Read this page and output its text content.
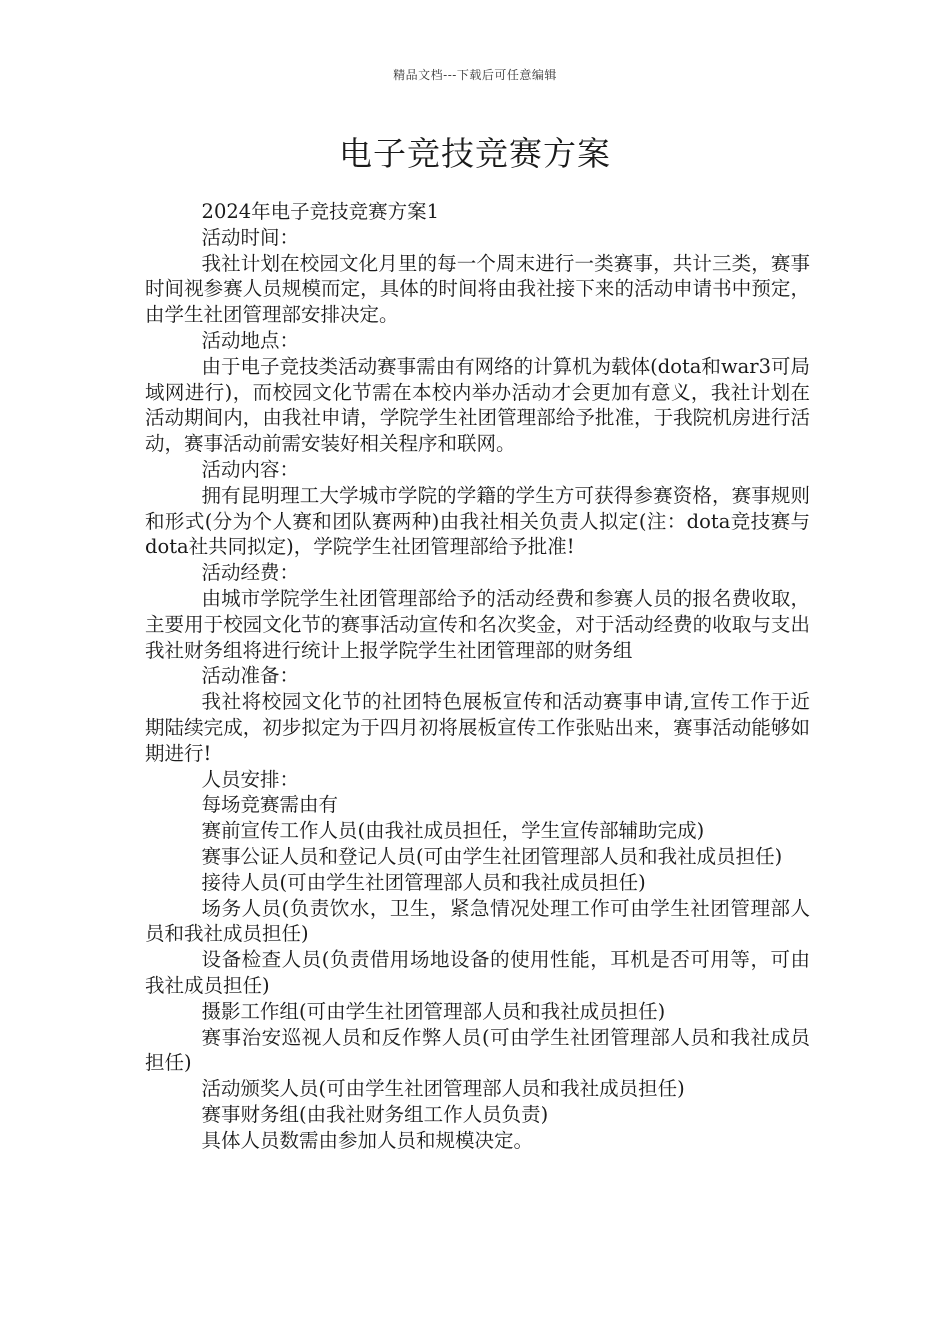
精品文档---下载后可任意编辑
电子竞技竞赛方案

2024年电子竞技竞赛方案1

活动时间：

我社计划在校园文化月里的每一个周末进行一类赛事，共计三类，赛事时间视参赛人员规模而定，具体的时间将由我社接下来的活动申请书中预定，由学生社团管理部安排决定。

活动地点：

由于电子竞技类活动赛事需由有网络的计算机为载体(dota和war3可局域网进行)，而校园文化节需在本校内举办活动才会更加有意义，我社计划在活动期间内，由我社申请，学院学生社团管理部给予批准，于我院机房进行活动，赛事活动前需安装好相关程序和联网。

活动内容：

拥有昆明理工大学城市学院的学籍的学生方可获得参赛资格，赛事规则和形式(分为个人赛和团队赛两种)由我社相关负责人拟定(注：dota竞技赛与dota社共同拟定)，学院学生社团管理部给予批准!

活动经费：

由城市学院学生社团管理部给予的活动经费和参赛人员的报名费收取，主要用于校园文化节的赛事活动宣传和名次奖金，对于活动经费的收取与支出我社财务组将进行统计上报学院学生社团管理部的财务组

活动准备：

我社将校园文化节的社团特色展板宣传和活动赛事申请,宣传工作于近期陆续完成，初步拟定为于四月初将展板宣传工作张贴出来，赛事活动能够如期进行!

人员安排：

每场竞赛需由有

赛前宣传工作人员(由我社成员担任，学生宣传部辅助完成)

赛事公证人员和登记人员(可由学生社团管理部人员和我社成员担任)

接待人员(可由学生社团管理部人员和我社成员担任)

场务人员(负责饮水，卫生，紧急情况处理工作可由学生社团管理部人员和我社成员担任)

设备检查人员(负责借用场地设备的使用性能，耳机是否可用等，可由我社成员担任)

摄影工作组(可由学生社团管理部人员和我社成员担任)

赛事治安巡视人员和反作弊人员(可由学生社团管理部人员和我社成员担任)

活动颁奖人员(可由学生社团管理部人员和我社成员担任)

赛事财务组(由我社财务组工作人员负责)

具体人员数需由参加人员和规模决定。
